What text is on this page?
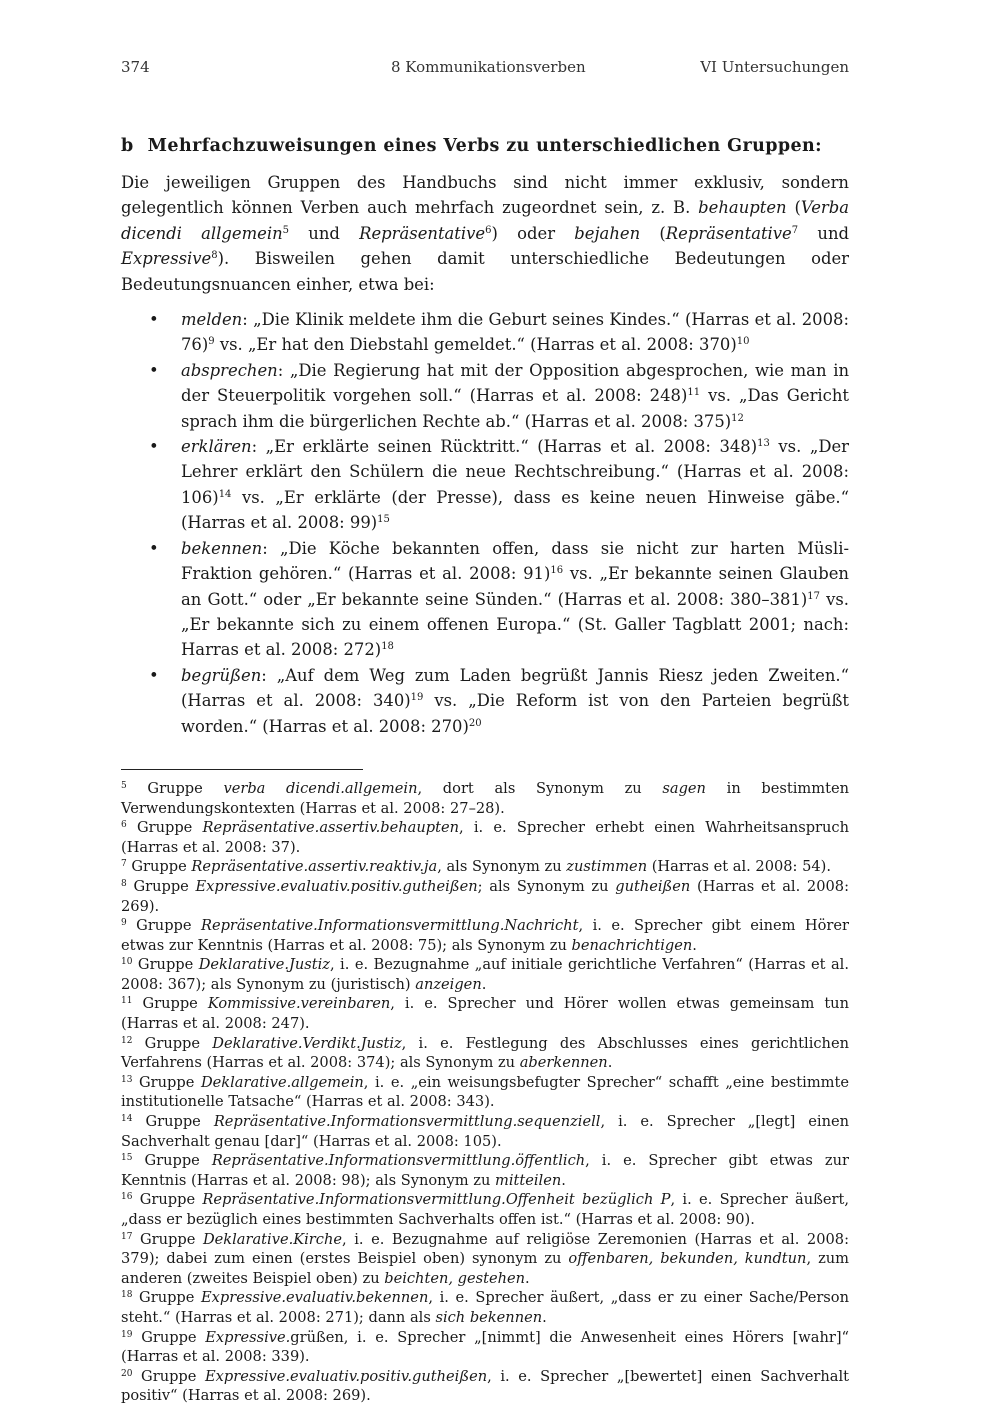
374	8 Kommunikationsverben	VI Untersuchungen
b Mehrfachzuweisungen eines Verbs zu unterschiedlichen Gruppen:

Die jeweiligen Gruppen des Handbuchs sind nicht immer exklusiv, sondern gelegentlich können Verben auch mehrfach zugeordnet sein, z. B. behaupten (Verba dicendi allgemein$^5$ und Repräsentative$^6$) oder bejahen (Repräsentative$^7$ und Expressive$^8$). Bisweilen gehen damit unterschiedliche Bedeutungen oder Bedeutungsnuancen einher, etwa bei:

• melden: „Die Klinik meldete ihm die Geburt seines Kindes.“ (Harras et al. 2008: 76)$^9$ vs. „Er hat den Diebstahl gemeldet.“ (Harras et al. 2008: 370)$^{10}$
• absprechen: „Die Regierung hat mit der Opposition abgesprochen, wie man in der Steuerpolitik vorgehen soll.“ (Harras et al. 2008: 248)$^{11}$ vs. „Das Gericht sprach ihm die bürgerlichen Rechte ab.“ (Harras et al. 2008: 375)$^{12}$
• erklären: „Er erklärte seinen Rücktritt.“ (Harras et al. 2008: 348)$^{13}$ vs. „Der Lehrer erklärt den Schülern die neue Rechtschreibung.“ (Harras et al. 2008: 106)$^{14}$ vs. „Er erklärte (der Presse), dass es keine neuen Hinweise gäbe.“ (Harras et al. 2008: 99)$^{15}$
• bekennen: „Die Köche bekannten offen, dass sie nicht zur harten Müsli-Fraktion gehören.“ (Harras et al. 2008: 91)$^{16}$ vs. „Er bekannte seinen Glauben an Gott.“ oder „Er bekannte seine Sünden.“ (Harras et al. 2008: 380–381)$^{17}$ vs. „Er bekannte sich zu einem offenen Europa.“ (St. Galler Tagblatt 2001; nach: Harras et al. 2008: 272)$^{18}$
• begrüßen: „Auf dem Weg zum Laden begrüßt Jannis Riesz jeden Zweiten.“ (Harras et al. 2008: 340)$^{19}$ vs. „Die Reform ist von den Parteien begrüßt worden.“ (Harras et al. 2008: 270)$^{20}$

$^5$ Gruppe verba dicendi.allgemein, dort als Synonym zu sagen in bestimmten Verwendungskontexten (Harras et al. 2008: 27–28).

$^6$ Gruppe Repräsentative.assertiv.behaupten, i. e. Sprecher erhebt einen Wahrheitsanspruch (Harras et al. 2008: 37).

$^7$ Gruppe Repräsentative.assertiv.reaktiv.ja, als Synonym zu zustimmen (Harras et al. 2008: 54).

$^8$ Gruppe Expressive.evaluativ.positiv.gutheißen; als Synonym zu gutheißen (Harras et al. 2008: 269).

$^9$ Gruppe Repräsentative.Informationsvermittlung.Nachricht, i. e. Sprecher gibt einem Hörer etwas zur Kenntnis (Harras et al. 2008: 75); als Synonym zu benachrichtigen.

$^{10}$ Gruppe Deklarative.Justiz, i. e. Bezugnahme „auf initiale gerichtliche Verfahren“ (Harras et al. 2008: 367); als Synonym zu (juristisch) anzeigen.

$^{11}$ Gruppe Kommissive.vereinbaren, i. e. Sprecher und Hörer wollen etwas gemeinsam tun (Harras et al. 2008: 247).

$^{12}$ Gruppe Deklarative.Verdikt.Justiz, i. e. Festlegung des Abschlusses eines gerichtlichen Verfahrens (Harras et al. 2008: 374); als Synonym zu aberkennen.

$^{13}$ Gruppe Deklarative.allgemein, i. e. „ein weisungsbefugter Sprecher“ schafft „eine bestimmte institutionelle Tatsache“ (Harras et al. 2008: 343).

$^{14}$ Gruppe Repräsentative.Informationsvermittlung.sequenziell, i. e. Sprecher „[legt] einen Sachverhalt genau [dar]“ (Harras et al. 2008: 105).

$^{15}$ Gruppe Repräsentative.Informationsvermittlung.öffentlich, i. e. Sprecher gibt etwas zur Kenntnis (Harras et al. 2008: 98); als Synonym zu mitteilen.

$^{16}$ Gruppe Repräsentative.Informationsvermittlung.Offenheit bezüglich P, i. e. Sprecher äußert, „dass er bezüglich eines bestimmten Sachverhalts offen ist.“ (Harras et al. 2008: 90).

$^{17}$ Gruppe Deklarative.Kirche, i. e. Bezugnahme auf religiöse Zeremonien (Harras et al. 2008: 379); dabei zum einen (erstes Beispiel oben) synonym zu offenbaren, bekunden, kundtun, zum anderen (zweites Beispiel oben) zu beichten, gestehen.

$^{18}$ Gruppe Expressive.evaluativ.bekennen, i. e. Sprecher äußert, „dass er zu einer Sache/Person steht.“ (Harras et al. 2008: 271); dann als sich bekennen.

$^{19}$ Gruppe Expressive.grüßen, i. e. Sprecher „[nimmt] die Anwesenheit eines Hörers [wahr]“ (Harras et al. 2008: 339).

$^{20}$ Gruppe Expressive.evaluativ.positiv.gutheißen, i. e. Sprecher „[bewertet] einen Sachverhalt positiv“ (Harras et al. 2008: 269).
